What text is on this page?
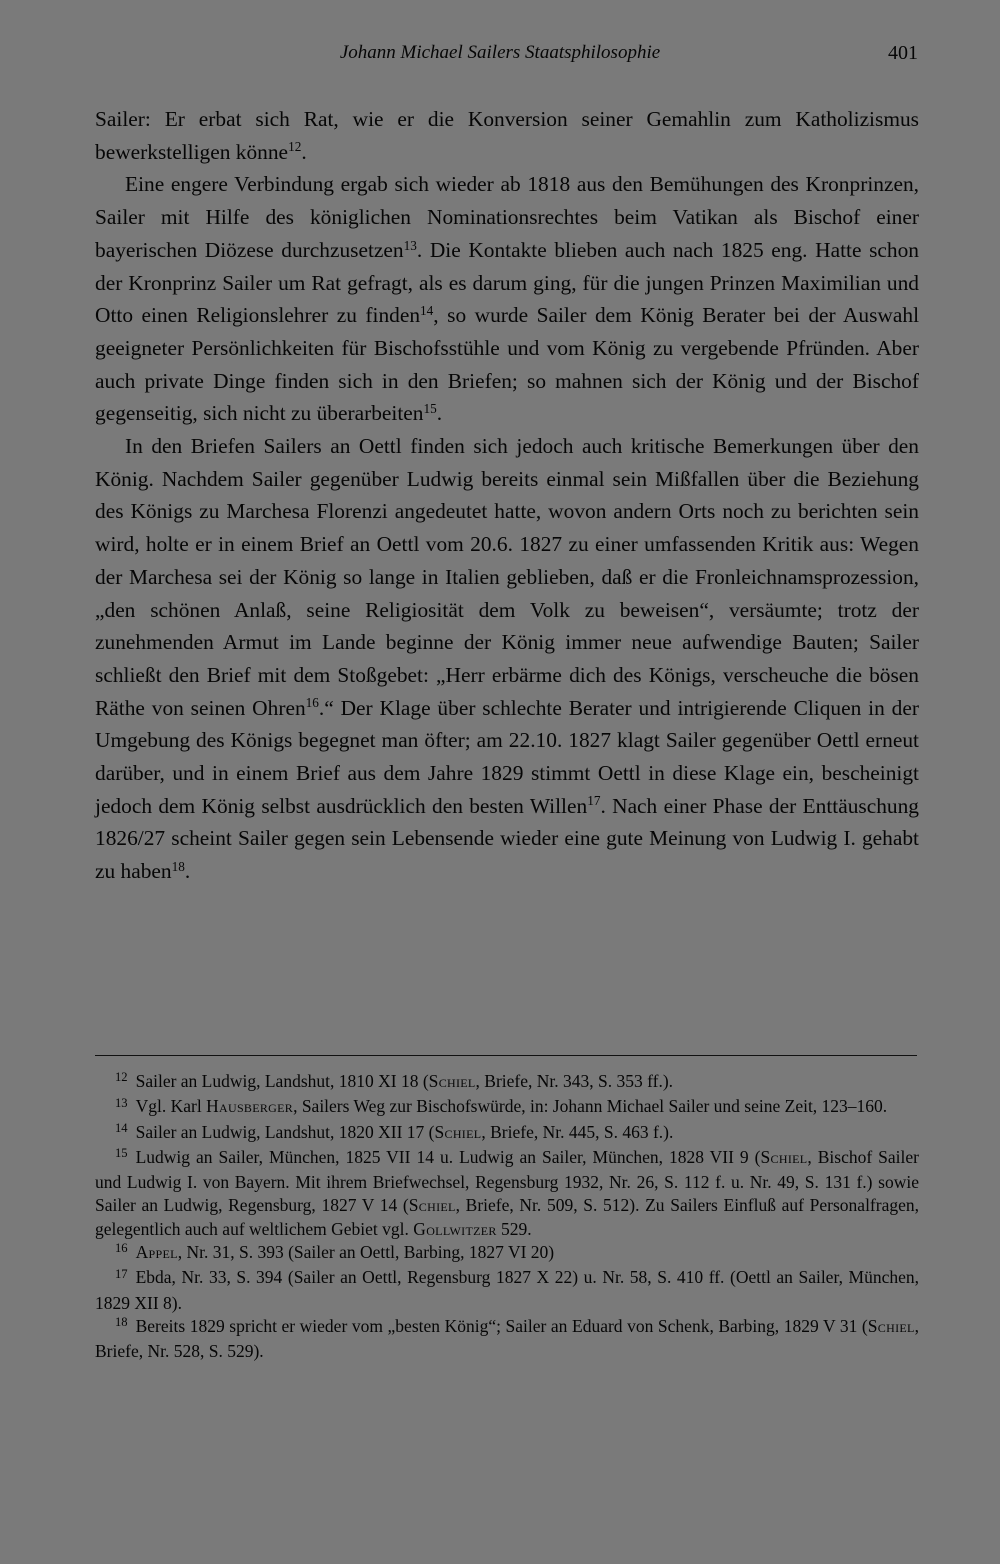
Johann Michael Sailers Staatsphilosophie	401

Sailer: Er erbat sich Rat, wie er die Konversion seiner Gemahlin zum Katholizismus bewerkstelligen könne$^{12}$.

Eine engere Verbindung ergab sich wieder ab 1818 aus den Bemühungen des Kronprinzen, Sailer mit Hilfe des königlichen Nominationsrechtes beim Vatikan als Bischof einer bayerischen Diözese durchzusetzen$^{13}$. Die Kontakte blieben auch nach 1825 eng. Hatte schon der Kronprinz Sailer um Rat gefragt, als es darum ging, für die jungen Prinzen Maximilian und Otto einen Religionslehrer zu finden$^{14}$, so wurde Sailer dem König Berater bei der Auswahl geeigneter Persönlichkeiten für Bischofsstühle und vom König zu vergebende Pfründen. Aber auch private Dinge finden sich in den Briefen; so mahnen sich der König und der Bischof gegenseitig, sich nicht zu überarbeiten$^{15}$.

In den Briefen Sailers an Oettl finden sich jedoch auch kritische Bemerkungen über den König. Nachdem Sailer gegenüber Ludwig bereits einmal sein Mißfallen über die Beziehung des Königs zu Marchesa Florenzi angedeutet hatte, wovon andern Orts noch zu berichten sein wird, holte er in einem Brief an Oettl vom 20.6. 1827 zu einer umfassenden Kritik aus: Wegen der Marchesa sei der König so lange in Italien geblieben, daß er die Fronleichnamsprozession, „den schönen Anlaß, seine Religiosität dem Volk zu beweisen“, versäumte; trotz der zunehmenden Armut im Lande beginne der König immer neue aufwendige Bauten; Sailer schließt den Brief mit dem Stoßgebet: „Herr erbärme dich des Königs, verscheuche die bösen Räthe von seinen Ohren$^{16}$.“ Der Klage über schlechte Berater und intrigierende Cliquen in der Umgebung des Königs begegnet man öfter; am 22.10. 1827 klagt Sailer gegenüber Oettl erneut darüber, und in einem Brief aus dem Jahre 1829 stimmt Oettl in diese Klage ein, bescheinigt jedoch dem König selbst ausdrücklich den besten Willen$^{17}$. Nach einer Phase der Enttäuschung 1826/27 scheint Sailer gegen sein Lebensende wieder eine gute Meinung von Ludwig I. gehabt zu haben$^{18}$.

$^{12}$ Sailer an Ludwig, Landshut, 1810 XI 18 (Schiel, Briefe, Nr. 343, S. 353 ff.).

$^{13}$ Vgl. Karl Hausberger, Sailers Weg zur Bischofswürde, in: Johann Michael Sailer und seine Zeit, 123–160.

$^{14}$ Sailer an Ludwig, Landshut, 1820 XII 17 (Schiel, Briefe, Nr. 445, S. 463 f.).

$^{15}$ Ludwig an Sailer, München, 1825 VII 14 u. Ludwig an Sailer, München, 1828 VII 9 (Schiel, Bischof Sailer und Ludwig I. von Bayern. Mit ihrem Briefwechsel, Regensburg 1932, Nr. 26, S. 112 f. u. Nr. 49, S. 131 f.) sowie Sailer an Ludwig, Regensburg, 1827 V 14 (Schiel, Briefe, Nr. 509, S. 512). Zu Sailers Einfluß auf Personalfragen, gelegentlich auch auf weltlichem Gebiet vgl. Gollwitzer 529.

$^{16}$ Appel, Nr. 31, S. 393 (Sailer an Oettl, Barbing, 1827 VI 20)

$^{17}$ Ebda, Nr. 33, S. 394 (Sailer an Oettl, Regensburg 1827 X 22) u. Nr. 58, S. 410 ff. (Oettl an Sailer, München, 1829 XII 8).

$^{18}$ Bereits 1829 spricht er wieder vom „besten König“; Sailer an Eduard von Schenk, Barbing, 1829 V 31 (Schiel, Briefe, Nr. 528, S. 529).
